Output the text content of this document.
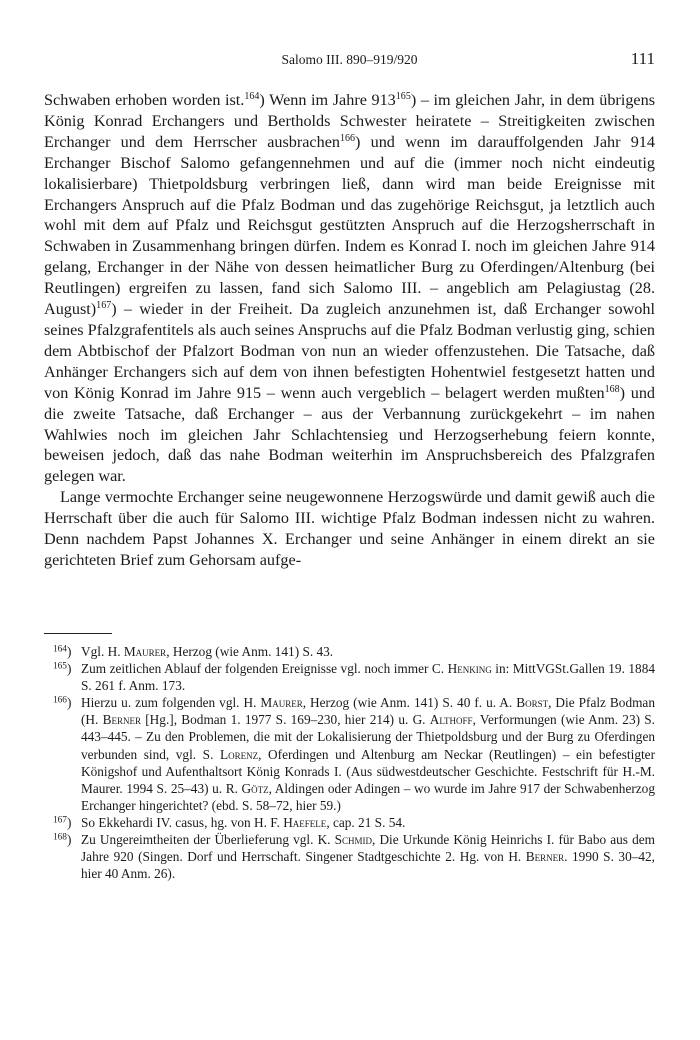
Salomo III. 890–919/920	111

Schwaben erhoben worden ist.$^{164}$) Wenn im Jahre $913^{165}$) – im gleichen Jahr, in dem übrigens König Konrad Erchangers und Bertholds Schwester heiratete – Streitigkeiten zwischen Erchanger und dem Herrscher ausbrachen$^{166}$) und wenn im darauffolgenden Jahr 914 Erchanger Bischof Salomo gefangennehmen und auf die (immer noch nicht eindeutig lokalisierbare) Thietpoldsburg verbringen ließ, dann wird man beide Ereignisse mit Erchangers Anspruch auf die Pfalz Bodman und das zugehörige Reichsgut, ja letztlich auch wohl mit dem auf Pfalz und Reichsgut gestützten Anspruch auf die Herzogsherrschaft in Schwaben in Zusammenhang bringen dürfen. Indem es Konrad I. noch im gleichen Jahre 914 gelang, Erchanger in der Nähe von dessen heimatlicher Burg zu Oferdingen/Altenburg (bei Reutlingen) ergreifen zu lassen, fand sich Salomo III. – angeblich am Pelagiustag (28. August)$^{167}$) – wieder in der Freiheit. Da zugleich anzunehmen ist, daß Erchanger sowohl seines Pfalzgrafentitels als auch seines Anspruchs auf die Pfalz Bodman verlustig ging, schien dem Abtbischof der Pfalzort Bodman von nun an wieder offenzustehen. Die Tatsache, daß Anhänger Erchangers sich auf dem von ihnen befestigten Hohentwiel festgesetzt hatten und von König Konrad im Jahre 915 – wenn auch vergeblich – belagert werden mußten$^{168}$) und die zweite Tatsache, daß Erchanger – aus der Verbannung zurückgekehrt – im nahen Wahlwies noch im gleichen Jahr Schlachtensieg und Herzogserhebung feiern konnte, beweisen jedoch, daß das nahe Bodman weiterhin im Anspruchsbereich des Pfalzgrafen gelegen war.

Lange vermochte Erchanger seine neugewonnene Herzogswürde und damit gewiß auch die Herrschaft über die auch für Salomo III. wichtige Pfalz Bodman indessen nicht zu wahren. Denn nachdem Papst Johannes X. Erchanger und seine Anhänger in einem direkt an sie gerichteten Brief zum Gehorsam aufge-

$^{164}$) Vgl. H. Maurer, Herzog (wie Anm. 141) S. 43.

$^{165}$) Zum zeitlichen Ablauf der folgenden Ereignisse vgl. noch immer C. Henking in: MittVGSt.Gallen 19. 1884 S. 261 f. Anm. 173.

$^{166}$) Hierzu u. zum folgenden vgl. H. Maurer, Herzog (wie Anm. 141) S. 40 f. u. A. Borst, Die Pfalz Bodman (H. Berner [Hg.], Bodman 1. 1977 S. 169–230, hier 214) u. G. Althoff, Verformungen (wie Anm. 23) S. 443–445. – Zu den Problemen, die mit der Lokalisierung der Thietpoldsburg und der Burg zu Oferdingen verbunden sind, vgl. S. Lorenz, Oferdingen und Altenburg am Neckar (Reutlingen) – ein befestigter Königshof und Aufenthaltsort König Konrads I. (Aus südwestdeutscher Geschichte. Festschrift für H.-M. Maurer. 1994 S. 25–43) u. R. Götz, Aldingen oder Adingen – wo wurde im Jahre 917 der Schwabenherzog Erchanger hingerichtet? (ebd. S. 58–72, hier 59.)

$^{167}$) So Ekkehardi IV. casus, hg. von H. F. Haefele, cap. 21 S. 54.

$^{168}$) Zu Ungereimtheiten der Überlieferung vgl. K. Schmid, Die Urkunde König Heinrichs I. für Babo aus dem Jahre 920 (Singen. Dorf und Herrschaft. Singener Stadtgeschichte 2. Hg. von H. Berner. 1990 S. 30–42, hier 40 Anm. 26).
